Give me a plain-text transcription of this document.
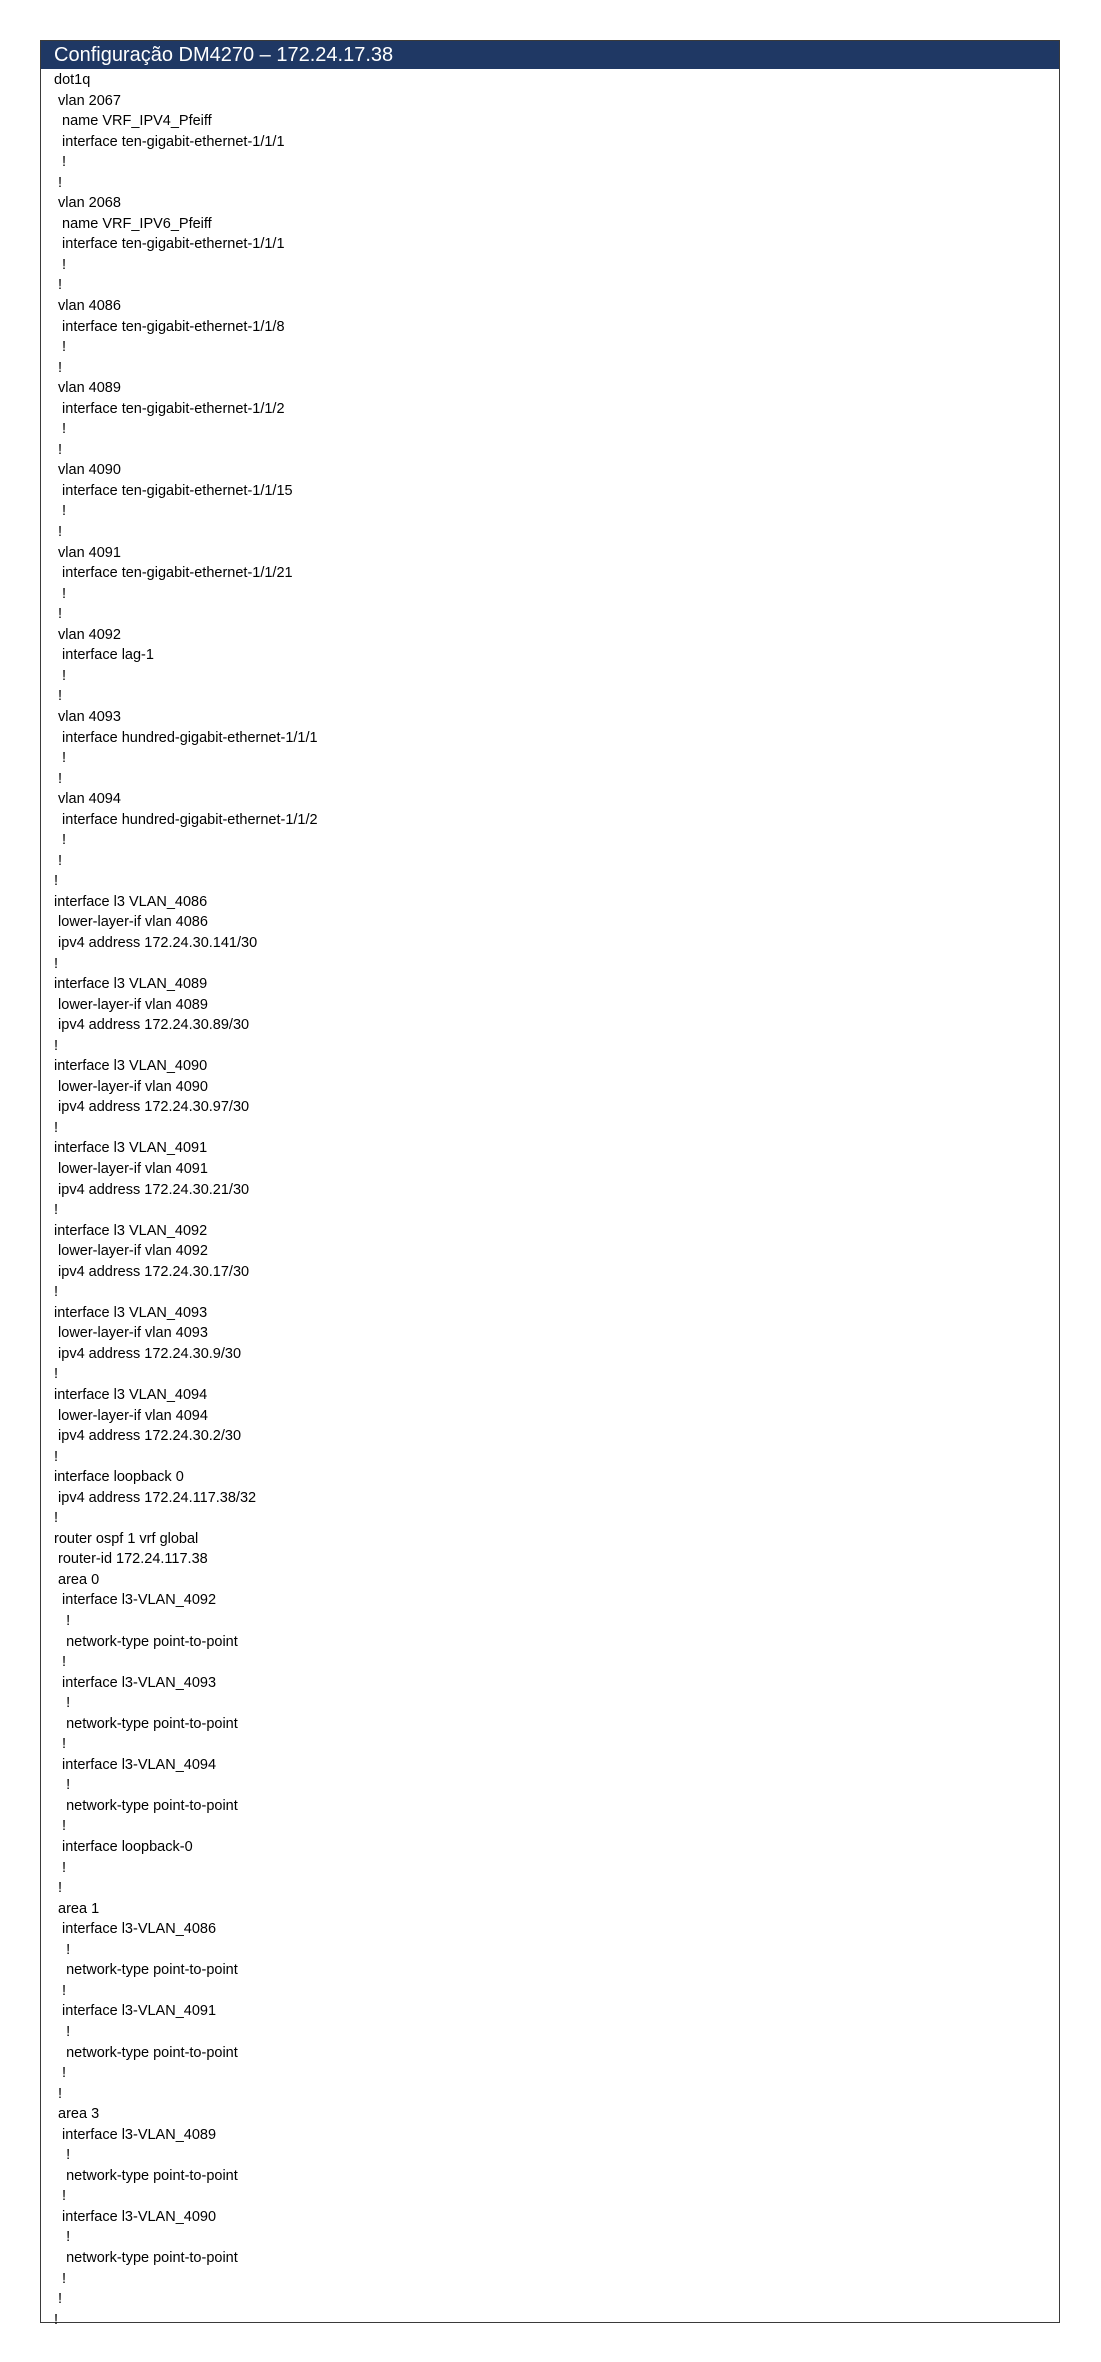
Configuração DM4270 – 172.24.17.38
dot1q
vlan 2067
name VRF_IPV4_Pfeiff
interface ten-gigabit-ethernet-1/1/1
!
!
vlan 2068
name VRF_IPV6_Pfeiff
interface ten-gigabit-ethernet-1/1/1
!
!
vlan 4086
interface ten-gigabit-ethernet-1/1/8
!
!
vlan 4089
interface ten-gigabit-ethernet-1/1/2
!
!
vlan 4090
interface ten-gigabit-ethernet-1/1/15
!
!
vlan 4091
interface ten-gigabit-ethernet-1/1/21
!
!
vlan 4092
interface lag-1
!
!
vlan 4093
interface hundred-gigabit-ethernet-1/1/1
!
!
vlan 4094
interface hundred-gigabit-ethernet-1/1/2
!
!
!
interface l3 VLAN_4086
lower-layer-if vlan 4086
ipv4 address 172.24.30.141/30
!
interface l3 VLAN_4089
lower-layer-if vlan 4089
ipv4 address 172.24.30.89/30
!
interface l3 VLAN_4090
lower-layer-if vlan 4090
ipv4 address 172.24.30.97/30
!
interface l3 VLAN_4091
lower-layer-if vlan 4091
ipv4 address 172.24.30.21/30
!
interface l3 VLAN_4092
lower-layer-if vlan 4092
ipv4 address 172.24.30.17/30
!
interface l3 VLAN_4093
lower-layer-if vlan 4093
ipv4 address 172.24.30.9/30
!
interface l3 VLAN_4094
lower-layer-if vlan 4094
ipv4 address 172.24.30.2/30
!
interface loopback 0
ipv4 address 172.24.117.38/32
!
router ospf 1 vrf global
router-id 172.24.117.38
area 0
interface l3-VLAN_4092
!
network-type point-to-point
!
interface l3-VLAN_4093
!
network-type point-to-point
!
interface l3-VLAN_4094
!
network-type point-to-point
!
interface loopback-0
!
!
area 1
interface l3-VLAN_4086
!
network-type point-to-point
!
interface l3-VLAN_4091
!
network-type point-to-point
!
!
area 3
interface l3-VLAN_4089
!
network-type point-to-point
!
interface l3-VLAN_4090
!
network-type point-to-point
!
!
!
